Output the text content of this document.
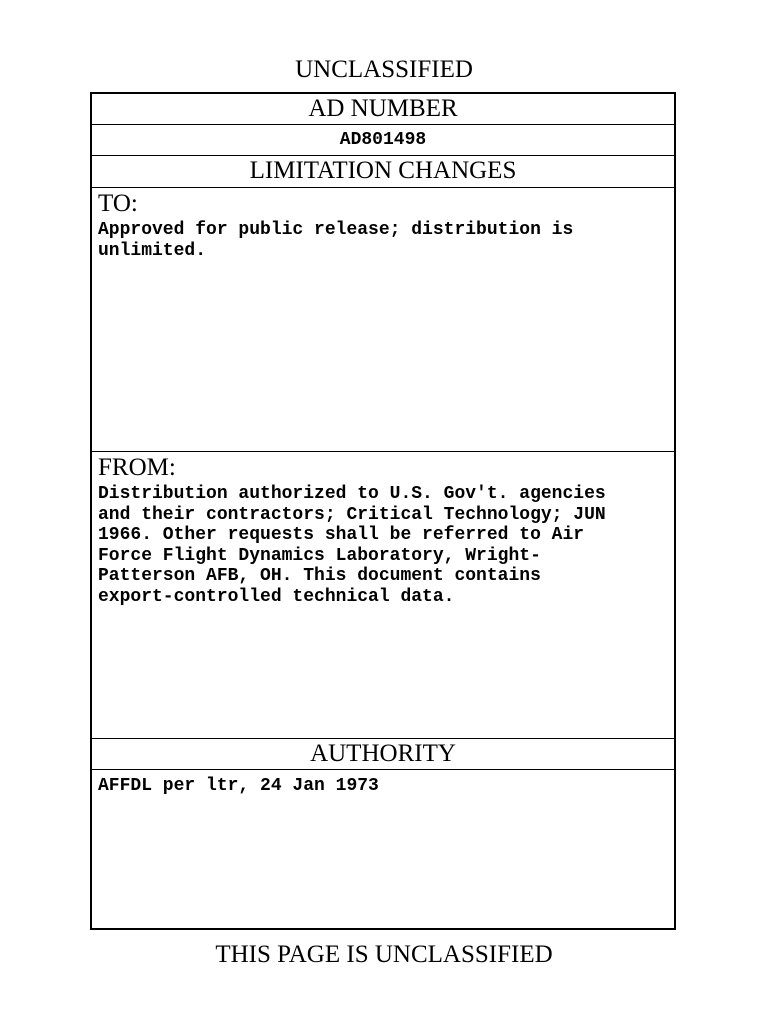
UNCLASSIFIED
AD NUMBER
AD801498
LIMITATION CHANGES
TO:
Approved for public release; distribution is
unlimited.
FROM:
Distribution authorized to U.S. Gov't. agencies
and their contractors; Critical Technology; JUN
1966. Other requests shall be referred to Air
Force Flight Dynamics Laboratory, Wright-
Patterson AFB, OH. This document contains
export-controlled technical data.
AUTHORITY
AFFDL per ltr, 24 Jan 1973
THIS PAGE IS UNCLASSIFIED
